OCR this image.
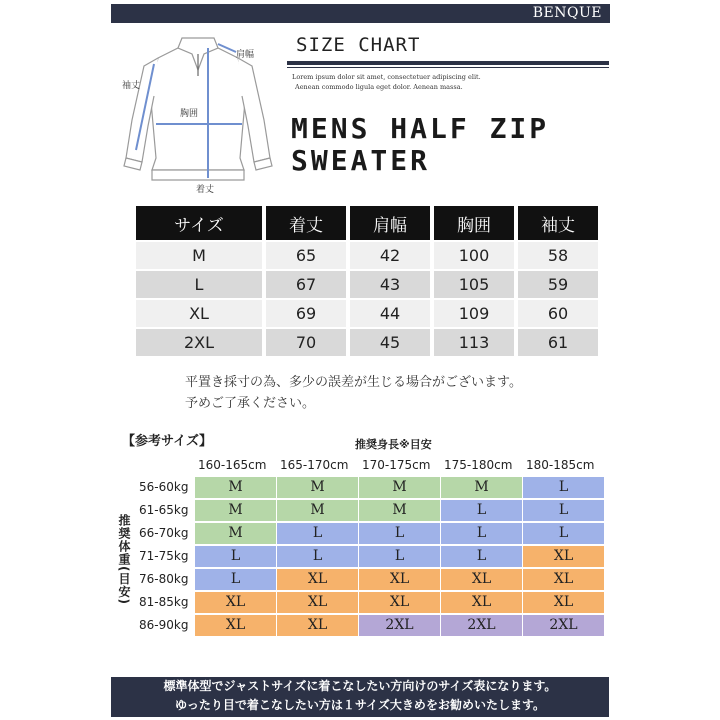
BENQUE
肩幅
袖丈
胸囲
着丈
SIZE CHART
Lorem ipsum dolor sit amet, consectetuer adipiscing elit.
Aenean commodo ligula eget dolor. Aenean massa.
MENS HALF ZIP
SWEATER
サイズ	着丈	肩幅	胸囲	袖丈
M	65	42	100	58
L	67	43	105	59
XL	69	44	109	60
2XL	70	45	113	61
平置き採寸の為、多少の誤差が生じる場合がございます。
予めご了承ください。
【参考サイズ】	推奨身長※目安
推奨体重(目安)
160-165cm 165-170cm 170-175cm 175-180cm 180-185cm
56-60kg	M	M	M	M	L
61-65kg	M	M	M	L	L
66-70kg	M	L	L	L	L
71-75kg	L	L	L	L	XL
76-80kg	L	XL	XL	XL	XL
81-85kg	XL	XL	XL	XL	XL
86-90kg	XL	XL	2XL	2XL	2XL
標準体型でジャストサイズに着こなしたい方向けのサイズ表になります。
ゆったり目で着こなしたい方は１サイズ大きめをお勧めいたします。
